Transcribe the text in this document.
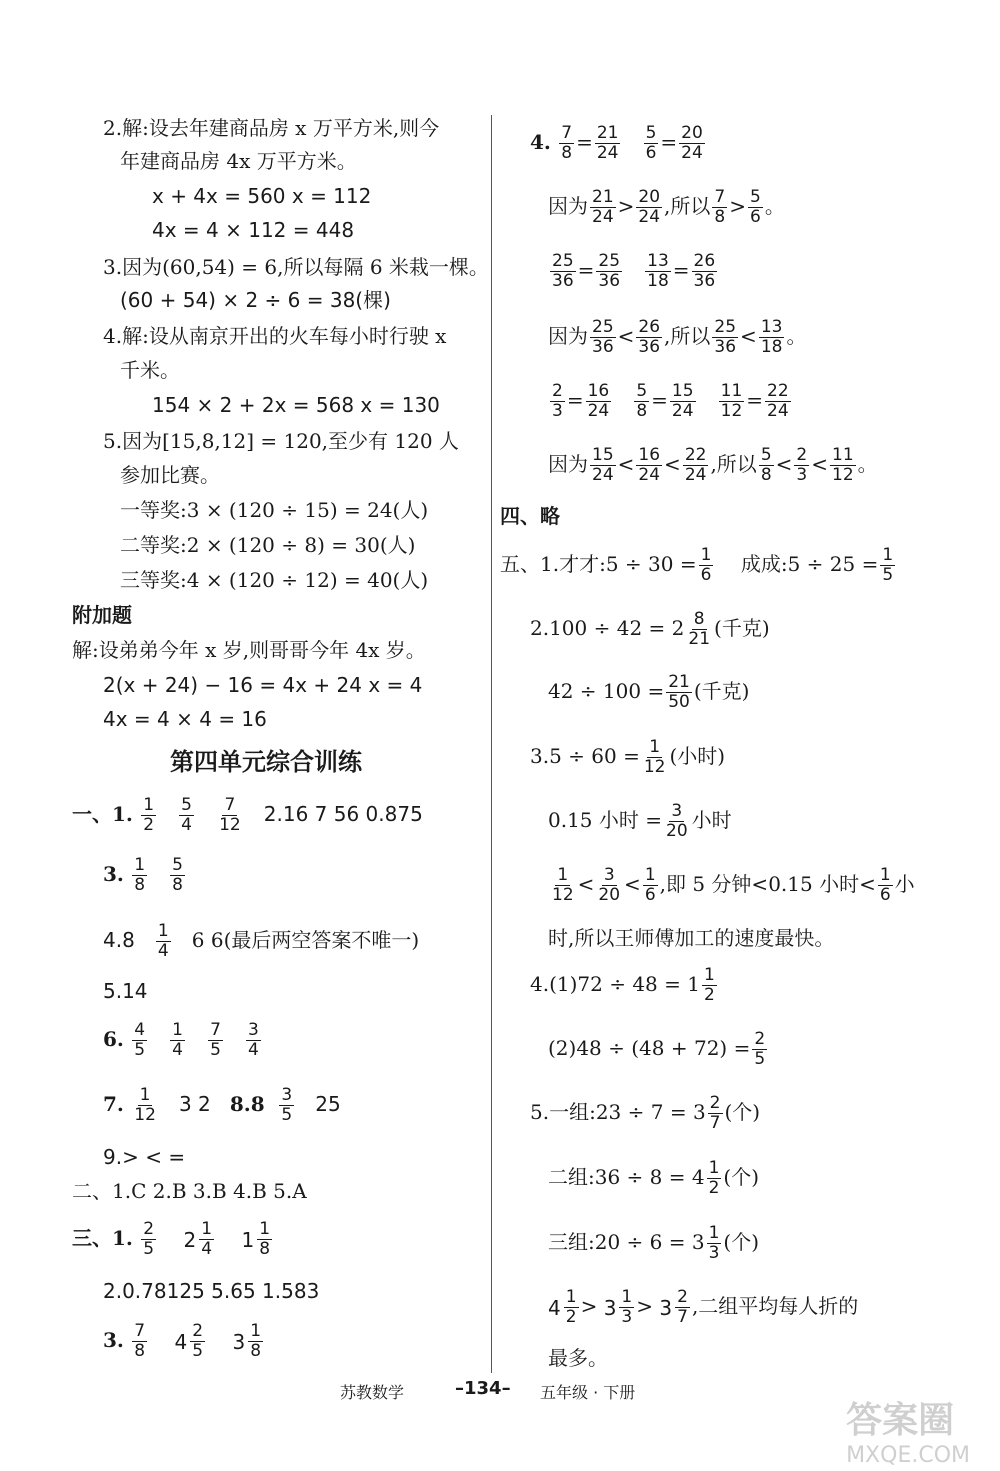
2.解:设去年建商品房 x 万平方米,则今
年建商品房 4x 万平方米。
x + 4x = 560 x = 112
4x = 4 × 112 = 448
3.因为(60,54) = 6,所以每隔 6 米栽一棵。
(60 + 54) × 2 ÷ 6 = 38(棵)
4.解:设从南京开出的火车每小时行驶 x
千米。
154 × 2 + 2x = 568 x = 130
5.因为[15,8,12] = 120,至少有 120 人
参加比赛。
一等奖:3 × (120 ÷ 15) = 24(人)
二等奖:2 × (120 ÷ 8) = 30(人)
三等奖:4 × (120 ÷ 12) = 40(人)
附加题
解:设弟弟今年 x 岁,则哥哥今年 4x 岁。
2(x + 24) − 16 = 4x + 24 x = 4
4x = 4 × 4 = 16
第四单元综合训练
一、1. $\frac{1}{2}$
$\frac{5}{4}$
$\frac{7}{12} 2.16$ 7 56 0.875
3. $\frac{1}{8}$
$\frac{5}{8}$
$4.8 \frac{1}{4} 6$ 6(最后两空答案不唯一)
5.14
6. $\frac{4}{5}$
$\frac{1}{4}$
$\frac{7}{5}$
$\frac{3}{4}$
7. $\frac{1}{12} 3$ 2 $8.8 \frac{3}{5} 25$
9.> < =
二、1.C 2.B 3.B 4.B 5.A
三、1. $\frac{2}{5}$
2 1
4
1 1
8
2.0.78125 5.65 1.583
3. $\frac{7}{8}$
4 2
5
3 1
8
4. $\frac{7}{8} = \frac{21}{24}$
$\frac{5}{6} = \frac{20}{24}$
因为 $\frac{21}{24} > \frac{20}{24}$ ,所以 $\frac{7}{8} > \frac{5}{6}$ 。
$\frac{25}{36} = \frac{25}{36}$
$\frac{13}{18} = \frac{26}{36}$
因为 $\frac{25}{36} < \frac{26}{36}$ ,所以 $\frac{25}{36} < \frac{13}{18}$ 。
$\frac{2}{3} = \frac{16}{24}$
$\frac{5}{8} = \frac{15}{24}$
$\frac{11}{12} = \frac{22}{24}$
因为 $\frac{15}{24} < \frac{16}{24} < \frac{22}{24}$ ,所以 $\frac{5}{8} < \frac{2}{3} < \frac{11}{12}$ 。
四、略
五、1.才才:5 ÷ $30 = \frac{1}{6}$ 成成:5 ÷ $25 = \frac{1}{5}$
$2.100 \div 42 = 2 \frac{8}{21}$ (千克)
$42 \div 100 = \frac{21}{50}$ (千克)
$3.5 \div 60 = \frac{1}{12}$ (小时)
0.15 小时 = $\frac{3}{20}$ 小时
$\frac{1}{12} < \frac{3}{20} < \frac{1}{6}$ ,即 5 分钟<0.15 小时< $\frac{1}{6}$ 小
时,所以王师傅加工的速度最快。
$4.(1)72 \div 48 = 1 \frac{1}{2}$
$(2)48 \div (48 + 72) = \frac{2}{5}$
5.一组:23 ÷ $7 = 3 \frac{2}{7}$ (个)
二组:36 ÷ $8 = 4 \frac{1}{2}$ (个)
三组:20 ÷ $6 = 3 \frac{1}{3}$ (个)
4 1
2 > 3 1
3 > 3 2
7 ,二组平均每人折的
最多。
苏教数学	–134– 五年级 · 下册
答案圈
MXQE.COM
